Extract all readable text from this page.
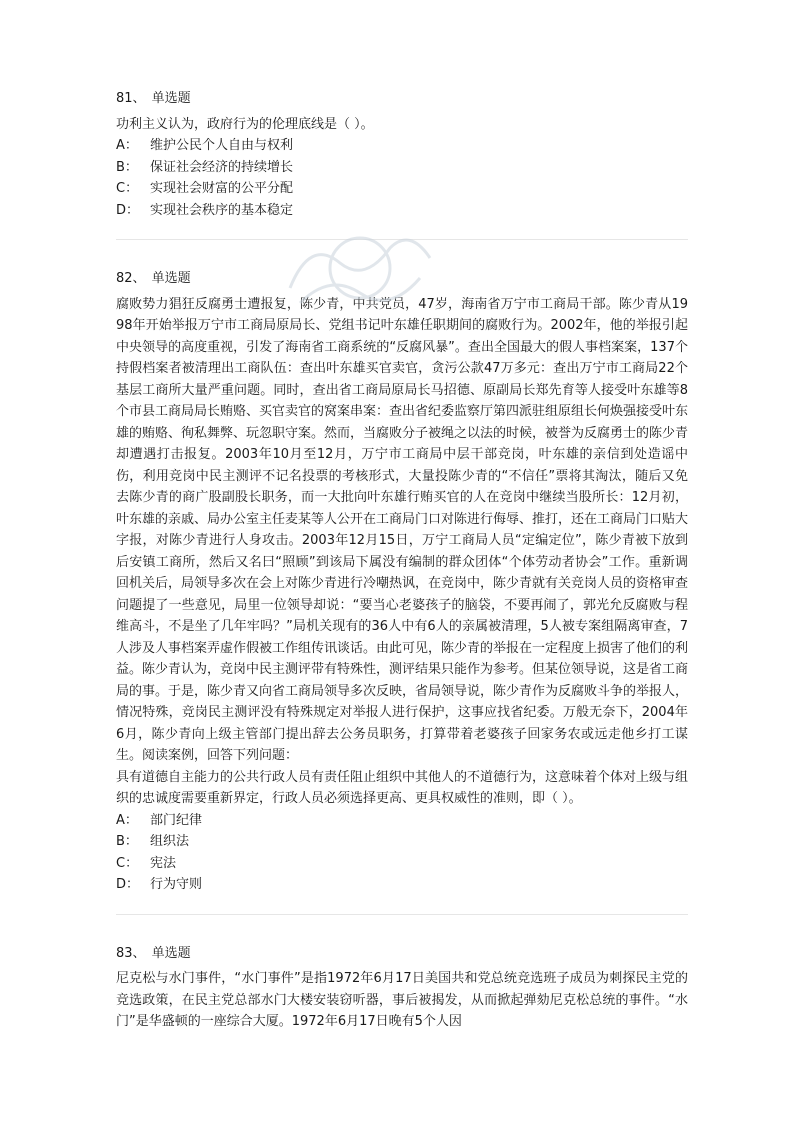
81、 单选题
功利主义认为，政府行为的伦理底线是（ ）。
A： 维护公民个人自由与权利
B： 保证社会经济的持续增长
C： 实现社会财富的公平分配
D： 实现社会秩序的基本稳定
82、 单选题
腐败势力猖狂反腐勇士遭报复，陈少青，中共党员，47岁，海南省万宁市工商局干部。陈少青从1998年开始举报万宁市工商局原局长、党组书记叶东雄任职期间的腐败行为。2002年，他的举报引起中央领导的高度重视，引发了海南省工商系统的“反腐风暴”。查出全国最大的假人事档案案，137个持假档案者被清理出工商队伍：查出叶东雄买官卖官，贪污公款47万多元：查出万宁市工商局22个基层工商所大量严重问题。同时，查出省工商局原局长马招德、原副局长郑先育等人接受叶东雄等8个市县工商局局长贿赂、买官卖官的窝案串案：查出省纪委监察厅第四派驻组原组长何焕强接受叶东雄的贿赂、徇私舞弊、玩忽职守案。然而，当腐败分子被绳之以法的时候，被誉为反腐勇士的陈少青却遭遇打击报复。2003年10月至12月，万宁市工商局中层干部竞岗，叶东雄的亲信到处造谣中伤，利用竞岗中民主测评不记名投票的考核形式，大量投陈少青的“不信任”票将其淘汰，随后又免去陈少青的商广股副股长职务，而一大批向叶东雄行贿买官的人在竞岗中继续当股所长：12月初，叶东雄的亲戚、局办公室主任麦某等人公开在工商局门口对陈进行侮辱、推打，还在工商局门口贴大字报，对陈少青进行人身攻击。2003年12月15日，万宁工商局人员“定编定位”，陈少青被下放到后安镇工商所，然后又名曰“照顾”到该局下属没有编制的群众团体“个体劳动者协会”工作。重新调回机关后，局领导多次在会上对陈少青进行冷嘲热讽，在竞岗中，陈少青就有关竞岗人员的资格审查问题提了一些意见，局里一位领导却说：“要当心老婆孩子的脑袋，不要再闹了，郭光允反腐败与程维高斗，不是坐了几年牢吗？”局机关现有的36人中有6人的亲属被清理，5人被专案组隔离审查，7人涉及人事档案弄虚作假被工作组传讯谈话。由此可见，陈少青的举报在一定程度上损害了他们的利益。陈少青认为，竞岗中民主测评带有特殊性，测评结果只能作为参考。但某位领导说，这是省工商局的事。于是，陈少青又向省工商局领导多次反映，省局领导说，陈少青作为反腐败斗争的举报人，情况特殊，竞岗民主测评没有特殊规定对举报人进行保护，这事应找省纪委。万般无奈下，2004年6月，陈少青向上级主管部门提出辞去公务员职务，打算带着老婆孩子回家务农或远走他乡打工谋生。阅读案例，回答下列问题：
具有道德自主能力的公共行政人员有责任阻止组织中其他人的不道德行为，这意味着个体对上级与组织的忠诚度需要重新界定，行政人员必须选择更高、更具权威性的准则，即（ ）。
A： 部门纪律
B： 组织法
C： 宪法
D： 行为守则
83、 单选题
尼克松与水门事件，“水门事件”是指1972年6月17日美国共和党总统竞选班子成员为刺探民主党的竞选政策，在民主党总部水门大楼安装窃听器，事后被揭发，从而掀起弹劾尼克松总统的事件。“水门”是华盛顿的一座综合大厦。1972年6月17日晚有5个人因
